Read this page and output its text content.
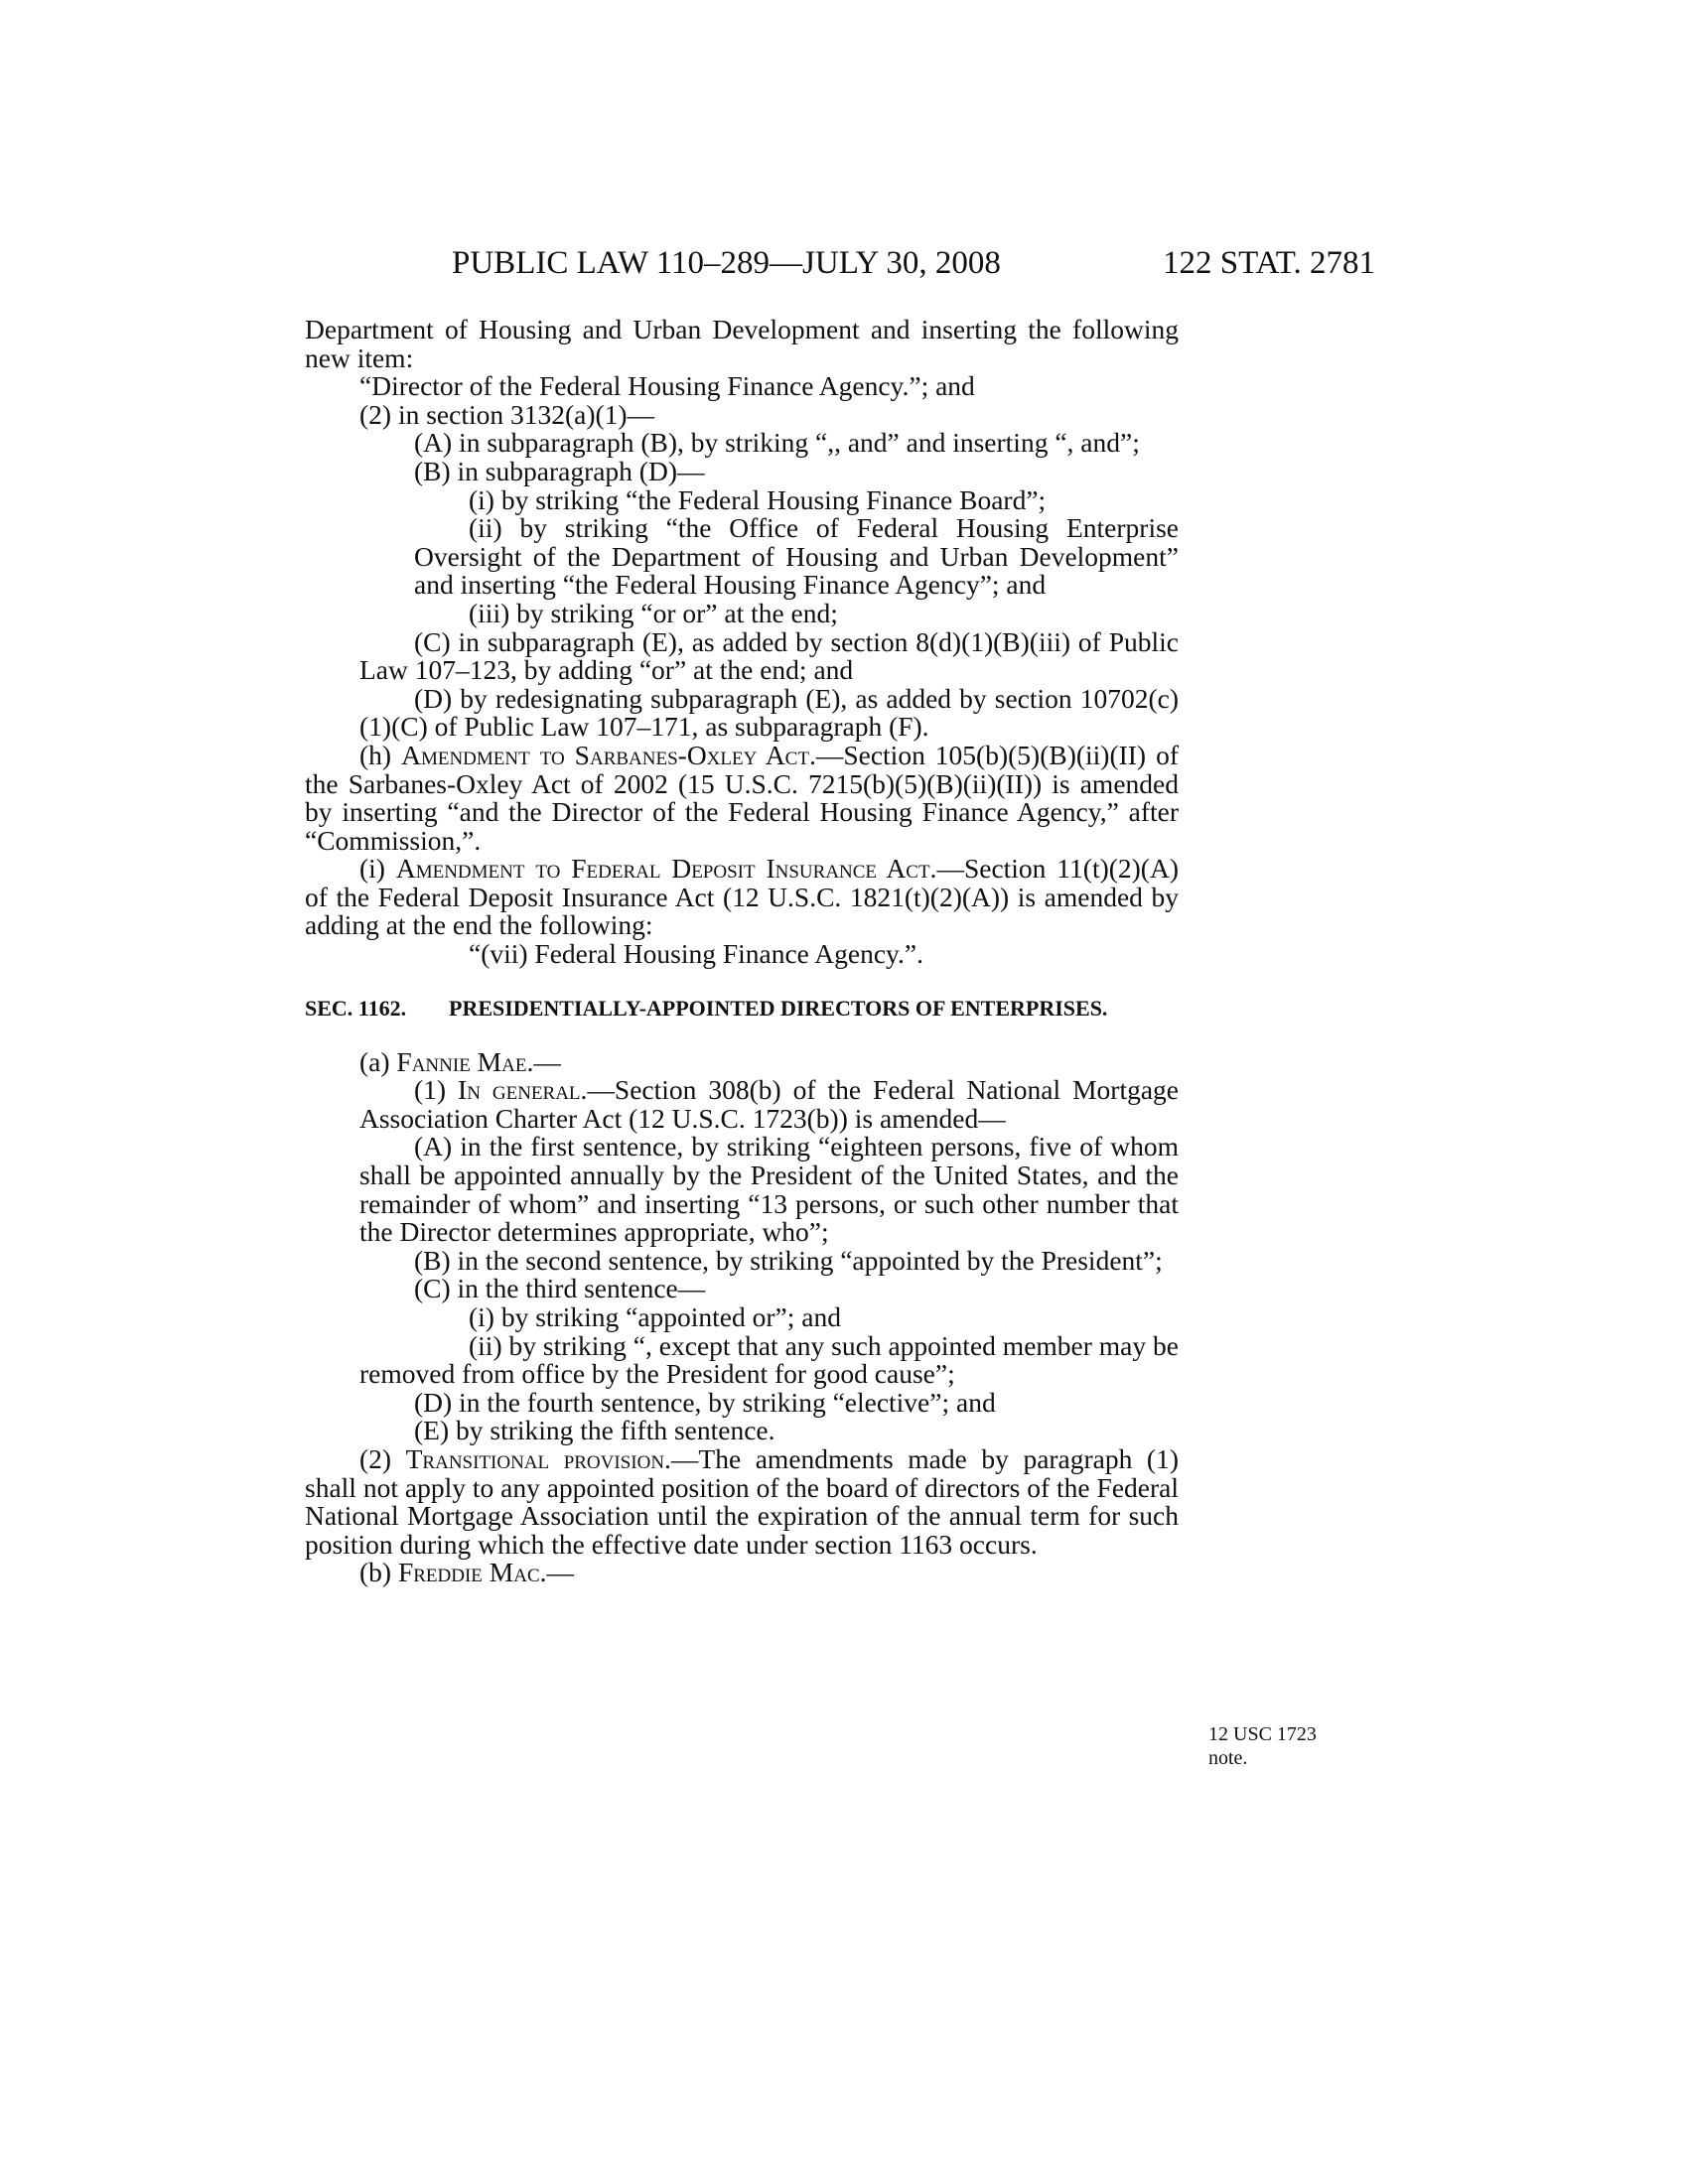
PUBLIC LAW 110–289—JULY 30, 2008	122 STAT. 2781

Department of Housing and Urban Development and inserting the following new item:

“Director of the Federal Housing Finance Agency.”; and

(2) in section 3132(a)(1)—

(A) in subparagraph (B), by striking “,, and” and inserting “, and”;

(B) in subparagraph (D)—

(i) by striking “the Federal Housing Finance Board”;

(ii) by striking “the Office of Federal Housing Enterprise Oversight of the Department of Housing and Urban Development” and inserting “the Federal Housing Finance Agency”; and

(iii) by striking “or or” at the end;

(C) in subparagraph (E), as added by section 8(d)(1)(B)(iii) of Public Law 107–123, by adding “or” at the end; and

(D) by redesignating subparagraph (E), as added by section 10702(c)(1)(C) of Public Law 107–171, as subparagraph (F).

(h) Amendment to Sarbanes-Oxley Act.—Section 105(b)(5)(B)(ii)(II) of the Sarbanes-Oxley Act of 2002 (15 U.S.C. 7215(b)(5)(B)(ii)(II)) is amended by inserting “and the Director of the Federal Housing Finance Agency,” after “Commission,”.

(i) Amendment to Federal Deposit Insurance Act.—Section 11(t)(2)(A) of the Federal Deposit Insurance Act (12 U.S.C. 1821(t)(2)(A)) is amended by adding at the end the following:

“(vii) Federal Housing Finance Agency.”.

SEC. 1162.	PRESIDENTIALLY-APPOINTED DIRECTORS OF ENTERPRISES.

(a) Fannie Mae.—

(1) In general.—Section 308(b) of the Federal National Mortgage Association Charter Act (12 U.S.C. 1723(b)) is amended—

(A) in the first sentence, by striking “eighteen persons, five of whom shall be appointed annually by the President of the United States, and the remainder of whom” and inserting “13 persons, or such other number that the Director determines appropriate, who”;

(B) in the second sentence, by striking “appointed by the President”;

(C) in the third sentence—

(i) by striking “appointed or”; and

(ii) by striking “, except that any such appointed member may be removed from office by the President for good cause”;

(D) in the fourth sentence, by striking “elective”; and

(E) by striking the fifth sentence.

(2) Transitional provision.—The amendments made by paragraph (1) shall not apply to any appointed position of the board of directors of the Federal National Mortgage Association until the expiration of the annual term for such position during which the effective date under section 1163 occurs.

(b) Freddie Mac.—

12 USC 1723 note.
